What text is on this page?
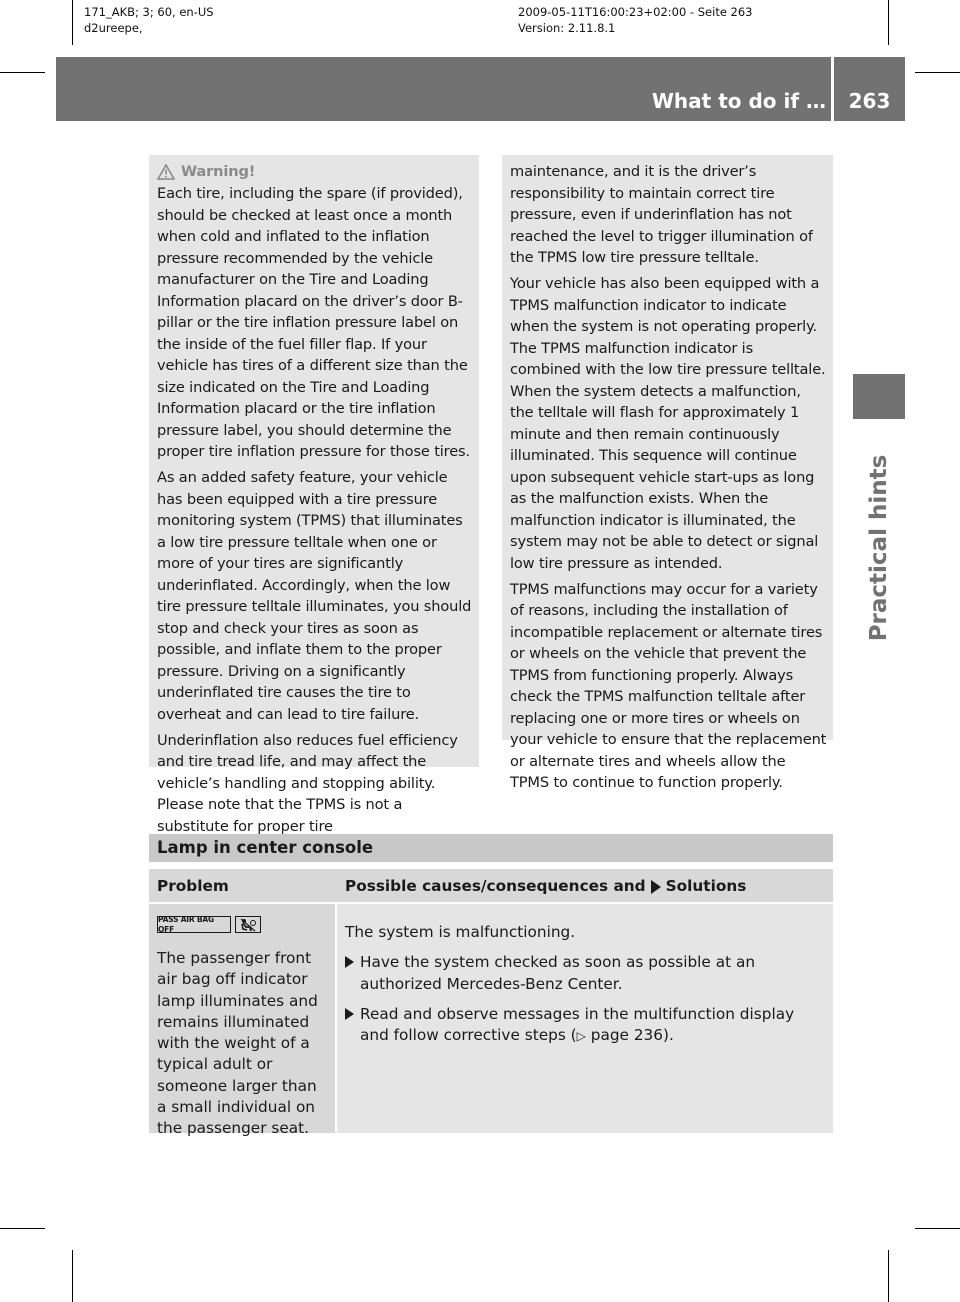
171_AKB; 3; 60, en-US
d2ureepe,
2009-05-11T16:00:23+02:00 - Seite 263
Version: 2.11.8.1
What to do if …	263
Practical hints
Warning!

Each tire, including the spare (if provided), should be checked at least once a month when cold and inflated to the inflation pressure recommended by the vehicle manufacturer on the Tire and Loading Information placard on the driver’s door B-pillar or the tire inflation pressure label on the inside of the fuel filler flap. If your vehicle has tires of a different size than the size indicated on the Tire and Loading Information placard or the tire inflation pressure label, you should determine the proper tire inflation pressure for those tires.

As an added safety feature, your vehicle has been equipped with a tire pressure monitoring system (TPMS) that illuminates a low tire pressure telltale when one or more of your tires are significantly underinflated. Accordingly, when the low tire pressure telltale illuminates, you should stop and check your tires as soon as possible, and inflate them to the proper pressure. Driving on a significantly underinflated tire causes the tire to overheat and can lead to tire failure.

Underinflation also reduces fuel efficiency and tire tread life, and may affect the vehicle’s handling and stopping ability. Please note that the TPMS is not a substitute for proper tire

maintenance, and it is the driver’s responsibility to maintain correct tire pressure, even if underinflation has not reached the level to trigger illumination of the TPMS low tire pressure telltale.

Your vehicle has also been equipped with a TPMS malfunction indicator to indicate when the system is not operating properly. The TPMS malfunction indicator is combined with the low tire pressure telltale. When the system detects a malfunction, the telltale will flash for approximately 1 minute and then remain continuously illuminated. This sequence will continue upon subsequent vehicle start-ups as long as the malfunction exists. When the malfunction indicator is illuminated, the system may not be able to detect or signal low tire pressure as intended.

TPMS malfunctions may occur for a variety of reasons, including the installation of incompatible replacement or alternate tires or wheels on the vehicle that prevent the TPMS from functioning properly. Always check the TPMS malfunction telltale after replacing one or more tires or wheels on your vehicle to ensure that the replacement or alternate tires and wheels allow the TPMS to continue to function properly.

Lamp in center console
Problem	Possible causes/consequences and Solutions
PASS AIR BAG OFF
The passenger front air bag off indicator lamp illuminates and remains illuminated with the weight of a typical adult or someone larger than a small individual on the passenger seat.

The system is malfunctioning.

Have the system checked as soon as possible at an authorized Mercedes-Benz Center.
Read and observe messages in the multifunction display and follow corrective steps (▷ page 236).
